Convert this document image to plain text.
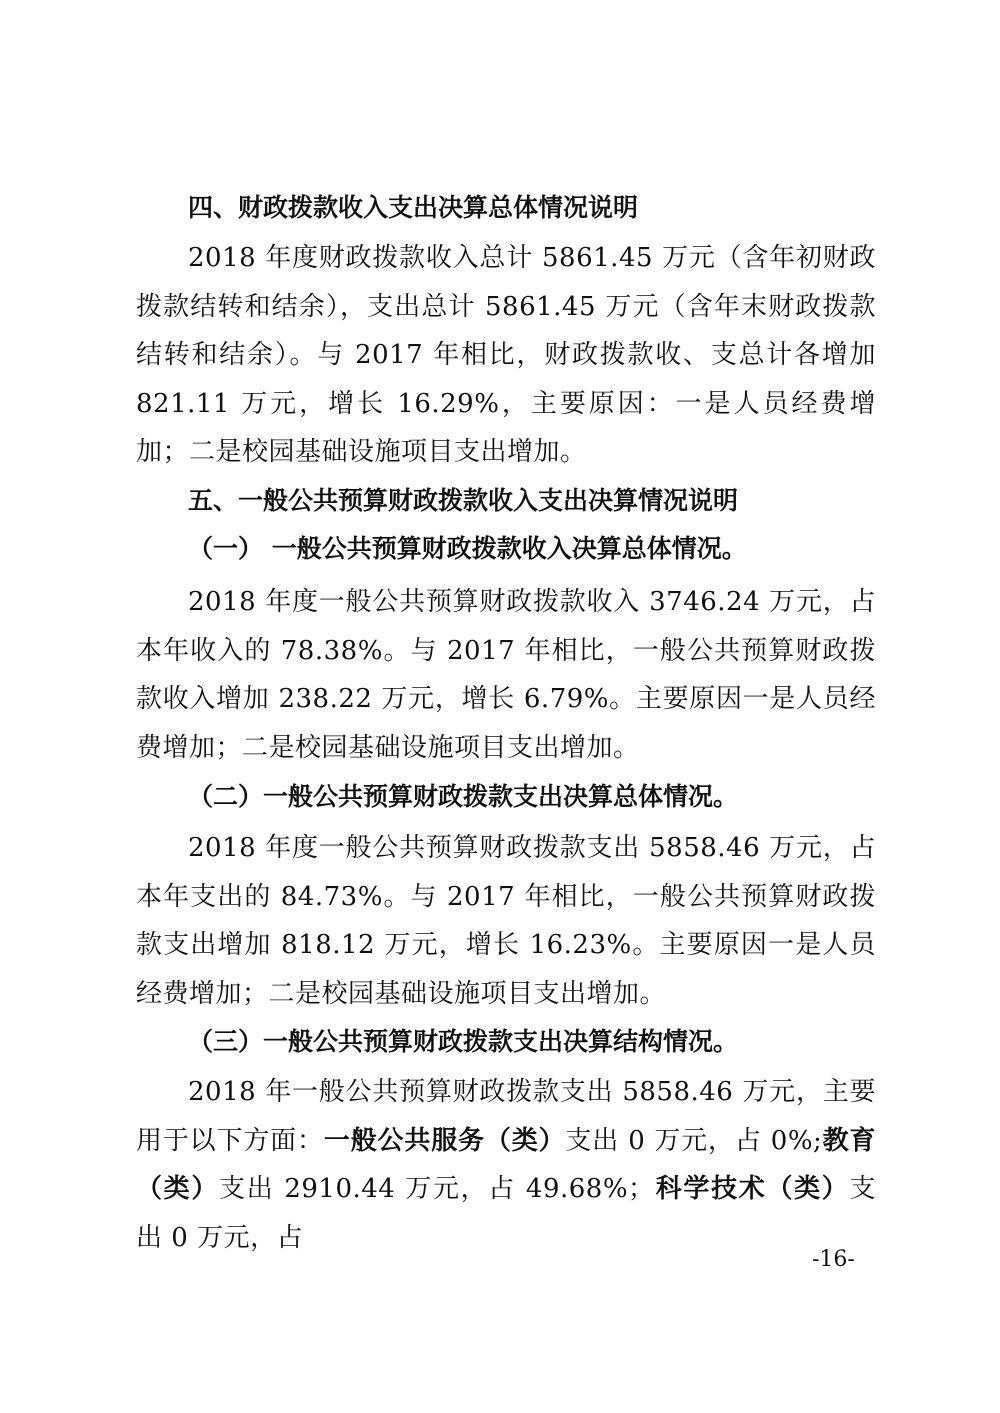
四、财政拨款收入支出决算总体情况说明

2018 年度财政拨款收入总计 5861.45 万元（含年初财政拨款结转和结余），支出总计 5861.45 万元（含年末财政拨款结转和结余）。与 2017 年相比，财政拨款收、支总计各增加 821.11 万元，增长 16.29%，主要原因：一是人员经费增加；二是校园基础设施项目支出增加。

五、一般公共预算财政拨款收入支出决算情况说明
（一） 一般公共预算财政拨款收入决算总体情况。

2018 年度一般公共预算财政拨款收入 3746.24 万元，占本年收入的 78.38%。与 2017 年相比，一般公共预算财政拨款收入增加 238.22 万元，增长 6.79%。主要原因一是人员经费增加；二是校园基础设施项目支出增加。

（二）一般公共预算财政拨款支出决算总体情况。

2018 年度一般公共预算财政拨款支出 5858.46 万元，占本年支出的 84.73%。与 2017 年相比，一般公共预算财政拨款支出增加 818.12 万元，增长 16.23%。主要原因一是人员经费增加；二是校园基础设施项目支出增加。

（三）一般公共预算财政拨款支出决算结构情况。

2018 年一般公共预算财政拨款支出 5858.46 万元，主要用于以下方面：一般公共服务（类）支出 0 万元，占 0%;教育（类）支出 2910.44 万元，占 49.68%；科学技术（类）支出 0 万元，占

-16-
